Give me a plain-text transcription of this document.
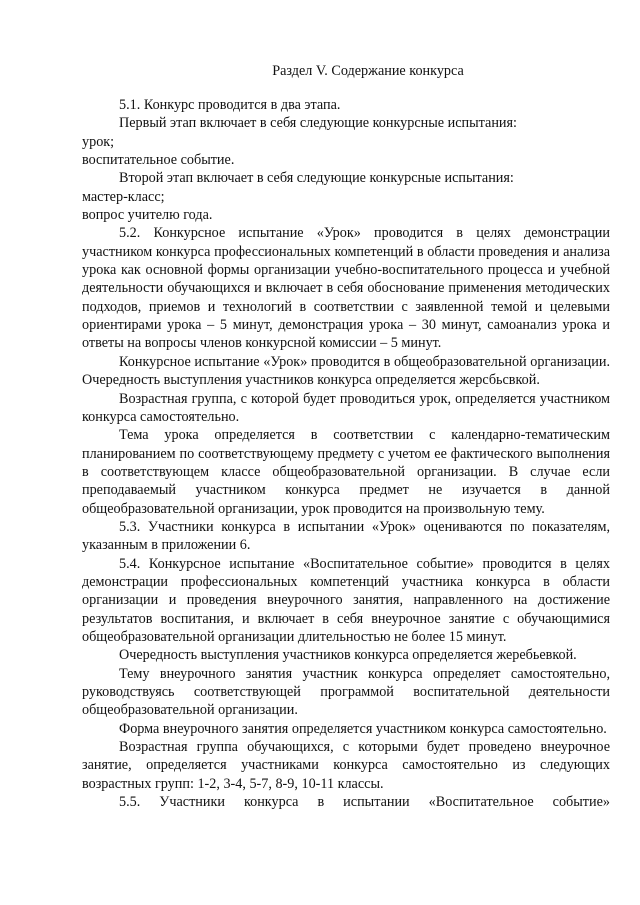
Раздел V. Содержание конкурса

5.1. Конкурс проводится в два этапа.

Первый этап включает в себя следующие конкурсные испытания:

урок;

воспитательное событие.

Второй этап включает в себя следующие конкурсные испытания:

мастер-класс;

вопрос учителю года.

5.2. Конкурсное испытание «Урок» проводится в целях демонстрации участником конкурса профессиональных компетенций в области проведения и анализа урока как основной формы организации учебно-воспитательного процесса и учебной деятельности обучающихся и включает в себя обоснование применения методических подходов, приемов и технологий в соответствии с заявленной темой и целевыми ориентирами урока – 5 минут, демонстрация урока – 30 минут, самоанализ урока и ответы на вопросы членов конкурсной комиссии – 5 минут.

Конкурсное испытание «Урок» проводится в общеобразовательной организации. Очередность выступления участников конкурса определяется жерсбьсвкой.

Возрастная группа, с которой будет проводиться урок, определяется участником конкурса самостоятельно.

Тема урока определяется в соответствии с календарно-тематическим планированием по соответствующему предмету с учетом ее фактического выполнения в соответствующем классе общеобразовательной организации. В случае если преподаваемый участником конкурса предмет не изучается в данной общеобразовательной организации, урок проводится на произвольную тему.

5.3. Участники конкурса в испытании «Урок» оцениваются по показателям, указанным в приложении 6.

5.4. Конкурсное испытание «Воспитательное событие» проводится в целях демонстрации профессиональных компетенций участника конкурса в области организации и проведения внеурочного занятия, направленного на достижение результатов воспитания, и включает в себя внеурочное занятие с обучающимися общеобразовательной организации длительностью не более 15 минут.

Очередность выступления участников конкурса определяется жеребьевкой.

Тему внеурочного занятия участник конкурса определяет самостоятельно, руководствуясь соответствующей программой воспитательной деятельности общеобразовательной организации.

Форма внеурочного занятия определяется участником конкурса самостоятельно.

Возрастная группа обучающихся, с которыми будет проведено внеурочное занятие, определяется участниками конкурса самостоятельно из следующих возрастных групп: 1-2, 3-4, 5-7, 8-9, 10-11 классы.

5.5. Участники конкурса в испытании «Воспитательное событие»
